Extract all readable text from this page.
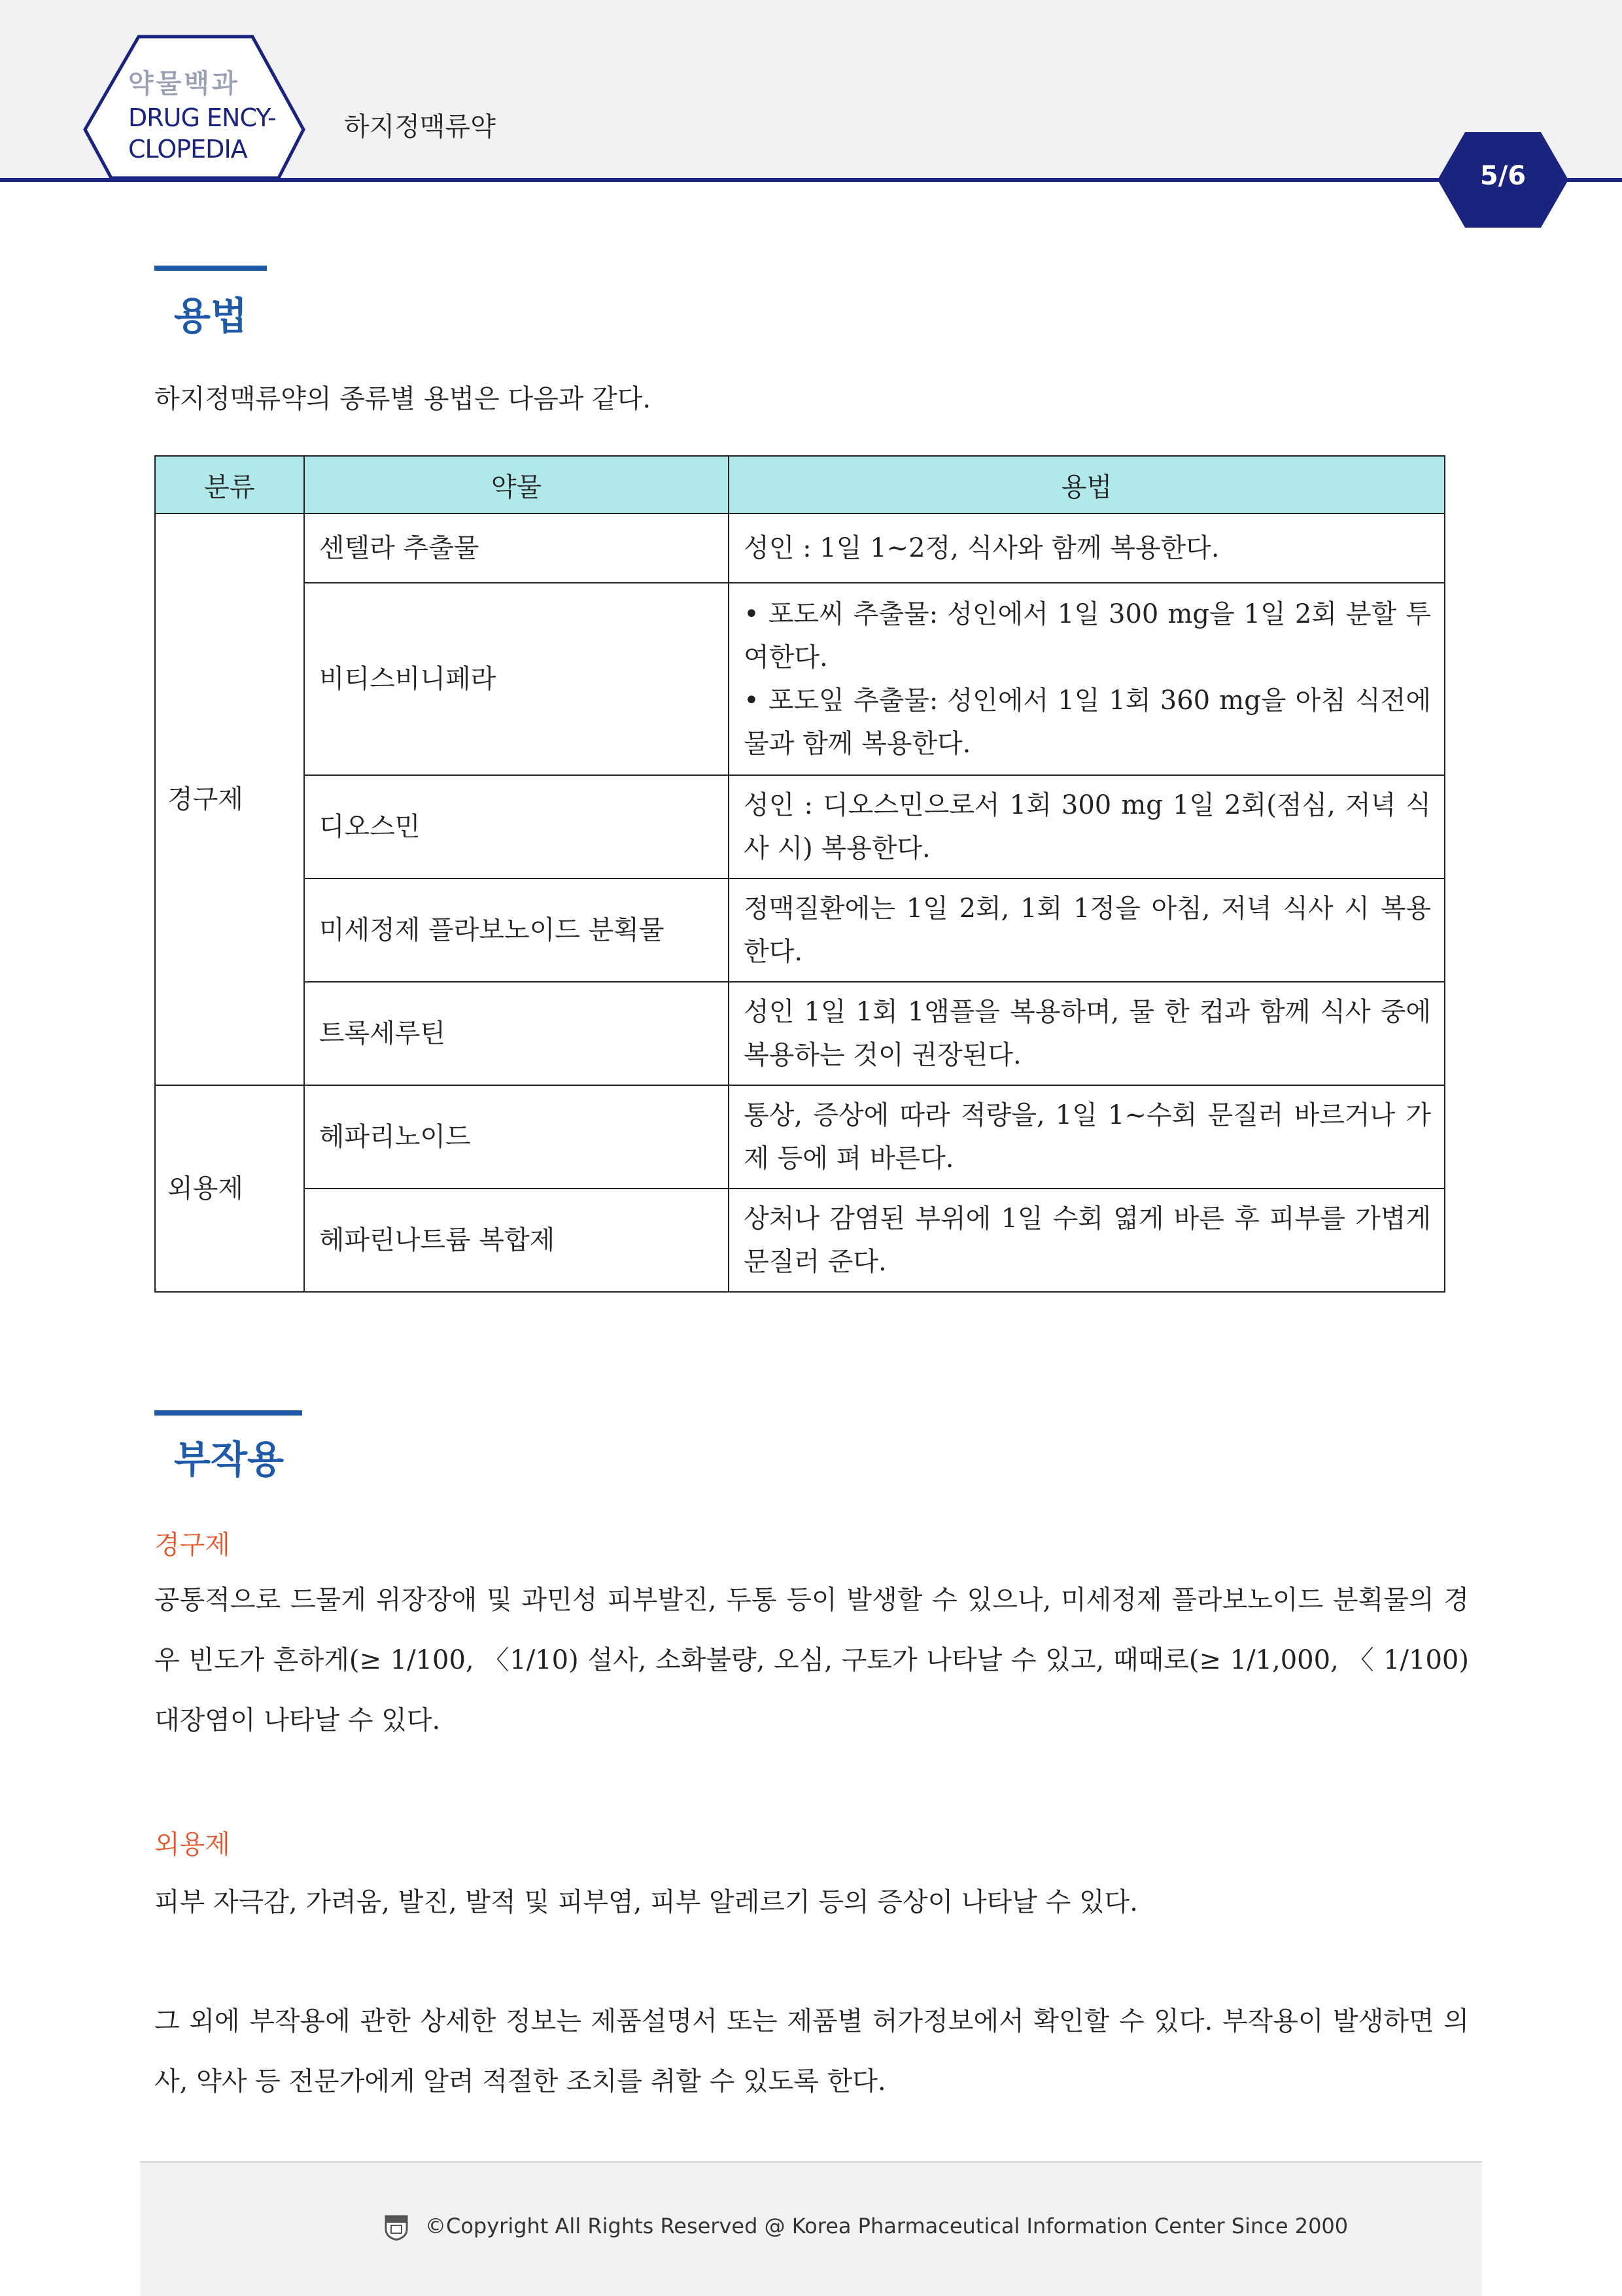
약물백과
DRUG ENCY-
CLOPEDIA
하지정맥류약
5/6
용법
하지정맥류약의 종류별 용법은 다음과 같다.
분류	약물	용법
경구제	센텔라 추출물	성인 : 1일 1~2정, 식사와 함께 복용한다.
	비티스비니페라	• 포도씨 추출물: 성인에서 1일 300 mg을 1일 2회 분할 투여한다.
• 포도잎 추출물: 성인에서 1일 1회 360 mg을 아침 식전에 물과 함께 복용한다.

	디오스민	성인 : 디오스민으로서 1회 300 mg 1일 2회(점심, 저녁 식사 시) 복용한다.
	미세정제 플라보노이드 분획물	정맥질환에는 1일 2회, 1회 1정을 아침, 저녁 식사 시 복용한다.
	트록세루틴	성인 1일 1회 1앰플을 복용하며, 물 한 컵과 함께 식사 중에 복용하는 것이 권장된다.
외용제	헤파리노이드	통상, 증상에 따라 적량을, 1일 1~수회 문질러 바르거나 가제 등에 펴 바른다.
	헤파린나트륨 복합제	상처나 감염된 부위에 1일 수회 엷게 바른 후 피부를 가볍게 문질러 준다.
부작용
경구제
공통적으로 드물게 위장장애 및 과민성 피부발진, 두통 등이 발생할 수 있으나, 미세정제 플라보노이드 분획물의 경우 빈도가 흔하게(≥ 1/100, 〈1/10) 설사, 소화불량, 오심, 구토가 나타날 수 있고, 때때로(≥ 1/1,000, 〈 1/100) 대장염이 나타날 수 있다.
외용제
피부 자극감, 가려움, 발진, 발적 및 피부염, 피부 알레르기 등의 증상이 나타날 수 있다.
그 외에 부작용에 관한 상세한 정보는 제품설명서 또는 제품별 허가정보에서 확인할 수 있다. 부작용이 발생하면 의사, 약사 등 전문가에게 알려 적절한 조치를 취할 수 있도록 한다.
©Copyright All Rights Reserved @ Korea Pharmaceutical Information Center Since 2000
